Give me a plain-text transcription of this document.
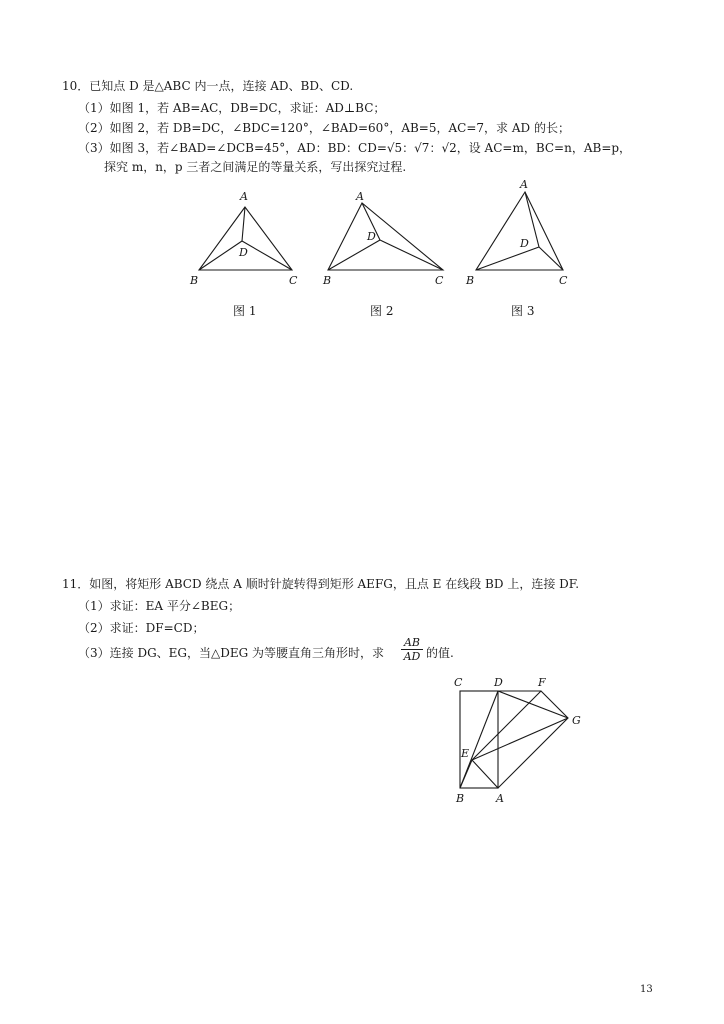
10．已知点 D 是△ABC 内一点，连接 AD、BD、CD.
（1）如图 1，若 AB=AC，DB=DC，求证：AD⊥BC；
（2）如图 2，若 DB=DC，∠BDC=120°，∠BAD=60°，AB=5，AC=7，求 AD 的长；
（3）如图 3，若∠BAD=∠DCB=45°，AD：BD：CD=√5：√7：√2，设 AC=m，BC=n，AB=p，
探究 m，n，p 三者之间满足的等量关系，写出探究过程.
A
B	C
D
A
B	C
D
A
B	C
D
图 1	图 2	图 3
11．如图，将矩形 ABCD 绕点 A 顺时针旋转得到矩形 AEFG，且点 E 在线段 BD 上，连接 DF.
（1）求证：EA 平分∠BEG；
（2）求证：DF=CD；
（3）连接 DG、EG，当△DEG 为等腰直角三角形时，求 $\frac{AB}{AD}$ 的值.
C	D	F
G
E
B	A
13
